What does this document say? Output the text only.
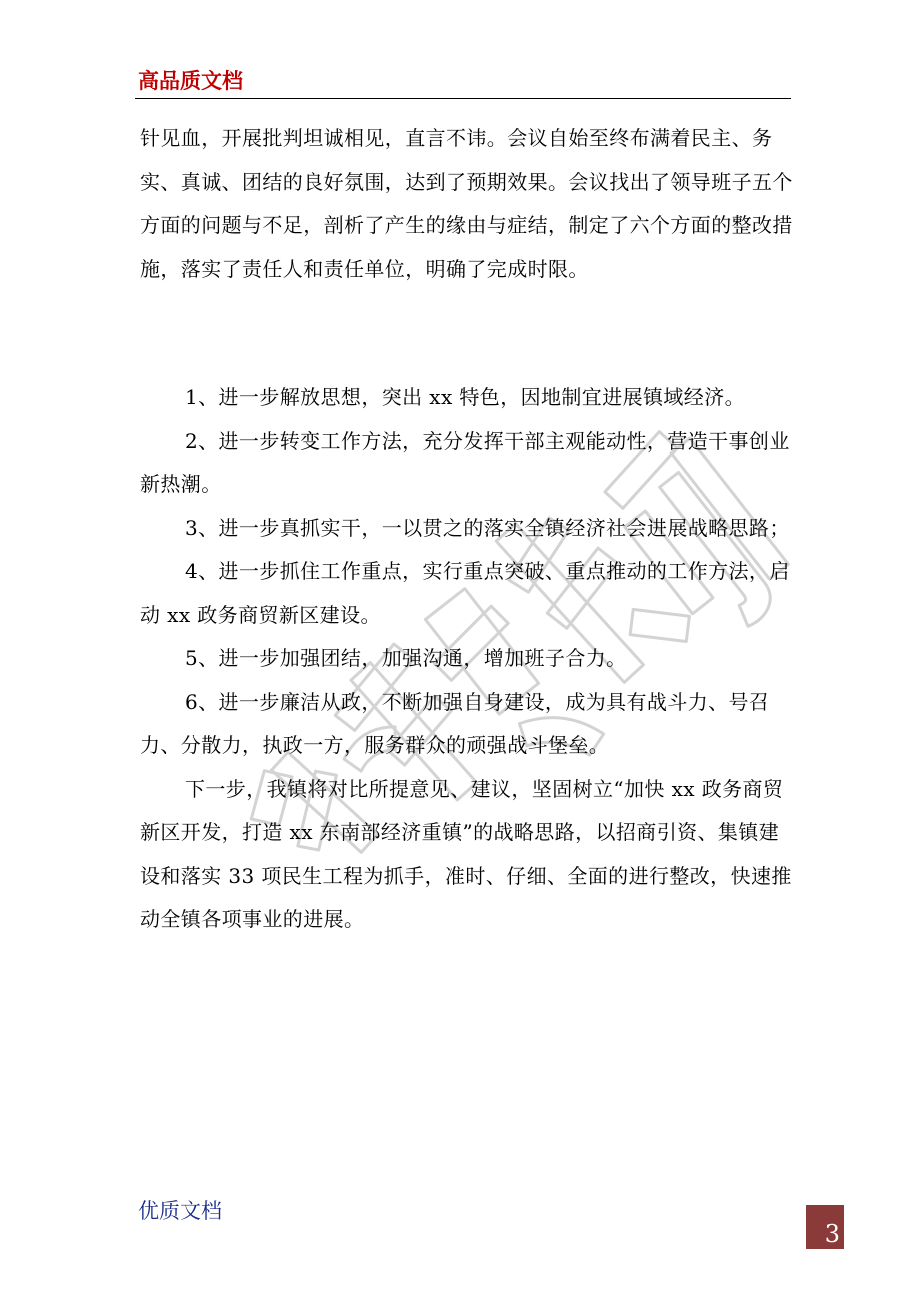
高品质文档

针见血，开展批判坦诚相见，直言不讳。会议自始至终布满着民主、务实、真诚、团结的良好氛围，达到了预期效果。会议找出了领导班子五个方面的问题与不足，剖析了产生的缘由与症结，制定了六个方面的整改措施，落实了责任人和责任单位，明确了完成时限。

1、进一步解放思想，突出 xx 特色，因地制宜进展镇域经济。

2、进一步转变工作方法，充分发挥干部主观能动性，营造干事创业新热潮。

3、进一步真抓实干，一以贯之的落实全镇经济社会进展战略思路；

4、进一步抓住工作重点，实行重点突破、重点推动的工作方法，启动 xx 政务商贸新区建设。

5、进一步加强团结，加强沟通，增加班子合力。

6、进一步廉洁从政，不断加强自身建设，成为具有战斗力、号召力、分散力，执政一方，服务群众的顽强战斗堡垒。

下一步，我镇将对比所提意见、建议，坚固树立“加快 xx 政务商贸新区开发，打造 xx 东南部经济重镇”的战略思路，以招商引资、集镇建设和落实 33 项民生工程为抓手，准时、仔细、全面的进行整改，快速推动全镇各项事业的进展。

优质文档
3
